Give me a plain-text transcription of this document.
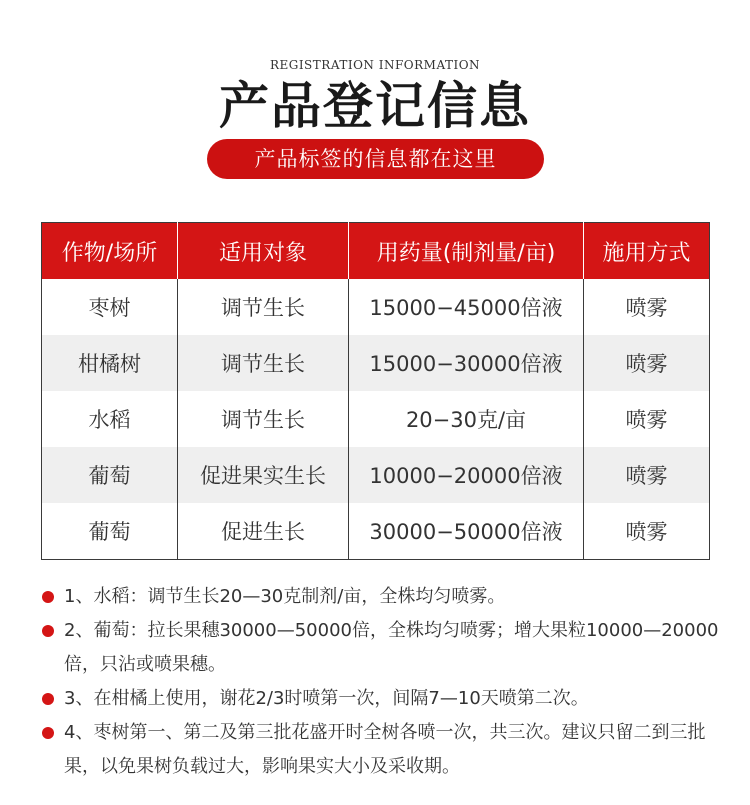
REGISTRATION INFORMATION
产品登记信息
产品标签的信息都在这里
作物/场所	适用对象	用药量(制剂量/亩)	施用方式
枣树	调节生长	15000−45000倍液	喷雾
柑橘树	调节生长	15000−30000倍液	喷雾
水稻	调节生长	20−30克/亩	喷雾
葡萄	促进果实生长	10000−20000倍液	喷雾
葡萄	促进生长	30000−50000倍液	喷雾
1、水稻：调节生长20—30克制剂/亩，全株均匀喷雾。
2、葡萄：拉长果穗30000—50000倍，全株均匀喷雾；增大果粒10000—20000倍，只沾或喷果穗。
3、在柑橘上使用，谢花2/3时喷第一次，间隔7—10天喷第二次。
4、枣树第一、第二及第三批花盛开时全树各喷一次，共三次。建议只留二到三批果，以免果树负载过大，影响果实大小及采收期。
